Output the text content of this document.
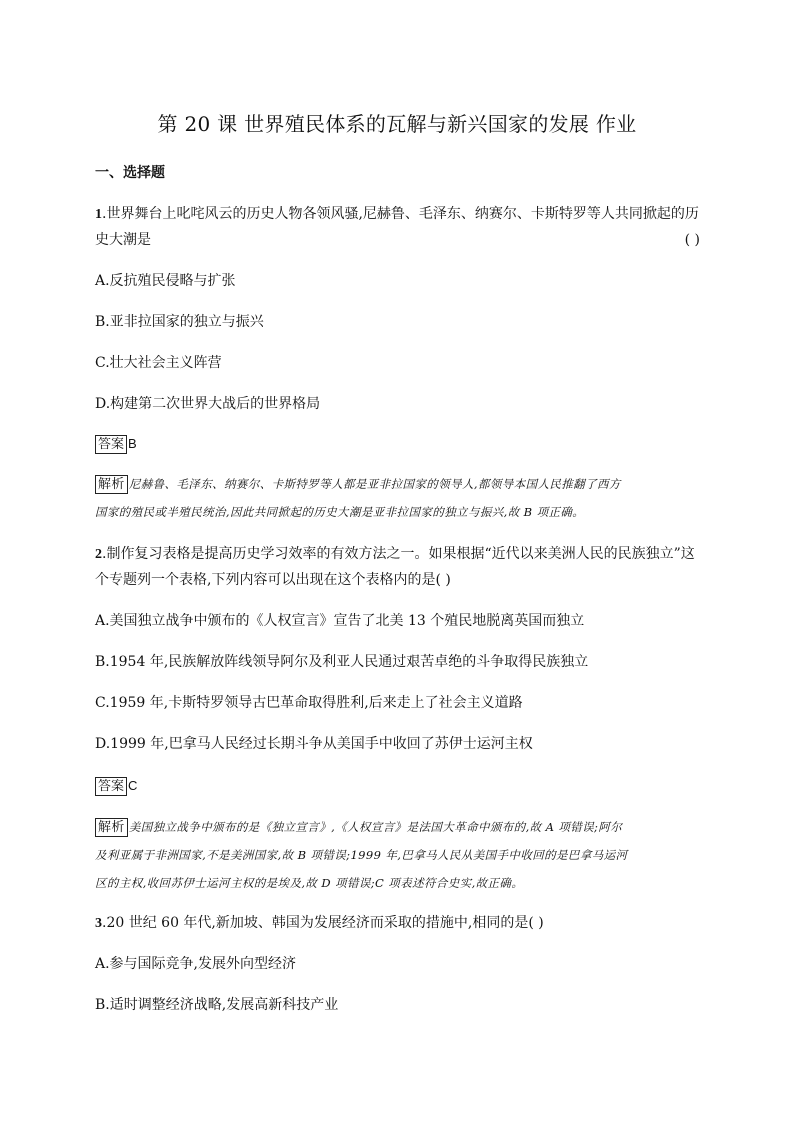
第 20 课 世界殖民体系的瓦解与新兴国家的发展 作业
一、选择题
1.世界舞台上叱咤风云的历史人物各领风骚,尼赫鲁、毛泽东、纳赛尔、卡斯特罗等人共同掀起的历
史大潮是	( )
A.反抗殖民侵略与扩张
B.亚非拉国家的独立与振兴
C.壮大社会主义阵营
D.构建第二次世界大战后的世界格局
答案 B
解析 尼赫鲁、毛泽东、纳赛尔、卡斯特罗等人都是亚非拉国家的领导人,都领导本国人民推翻了西方
国家的殖民或半殖民统治,因此共同掀起的历史大潮是亚非拉国家的独立与振兴,故 B 项正确。
2.制作复习表格是提高历史学习效率的有效方法之一。如果根据“近代以来美洲人民的民族独立”这
个专题列一个表格,下列内容可以出现在这个表格内的是( )
A.美国独立战争中颁布的《人权宣言》宣告了北美 13 个殖民地脱离英国而独立
B.1954 年,民族解放阵线领导阿尔及利亚人民通过艰苦卓绝的斗争取得民族独立
C.1959 年,卡斯特罗领导古巴革命取得胜利,后来走上了社会主义道路
D.1999 年,巴拿马人民经过长期斗争从美国手中收回了苏伊士运河主权
答案 C
解析 美国独立战争中颁布的是《独立宣言》,《人权宣言》是法国大革命中颁布的,故 A 项错误;阿尔
及利亚属于非洲国家,不是美洲国家,故 B 项错误;1999 年,巴拿马人民从美国手中收回的是巴拿马运河
区的主权,收回苏伊士运河主权的是埃及,故 D 项错误;C 项表述符合史实,故正确。
3.20 世纪 60 年代,新加坡、韩国为发展经济而采取的措施中,相同的是( )
A.参与国际竞争,发展外向型经济
B.适时调整经济战略,发展高新科技产业
